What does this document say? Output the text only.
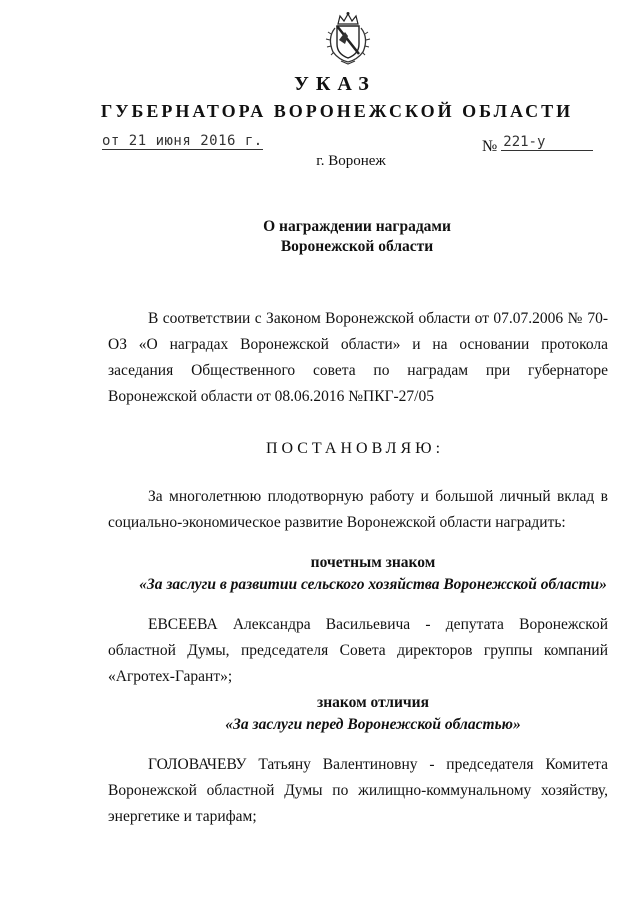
УКАЗ
ГУБЕРНАТОРА ВОРОНЕЖСКОЙ ОБЛАСТИ
от 21 июня 2016 г.	№ 221-у
г. Воронеж
О награждении наградами
Воронежской области
В соответствии с Законом Воронежской области от 07.07.2006 № 70-ОЗ «О наградах Воронежской области» и на основании протокола заседания Общественного совета по наградам при губернаторе Воронежской области от 08.06.2016 №ПКГ-27/05
ПОСТАНОВЛЯЮ:
За многолетнюю плодотворную работу и большой личный вклад в социально-экономическое развитие Воронежской области наградить:
почетным знаком
«За заслуги в развитии сельского хозяйства Воронежской области»
ЕВСЕЕВА Александра Васильевича - депутата Воронежской областной Думы, председателя Совета директоров группы компаний «Агротех-Гарант»;
знаком отличия
«За заслуги перед Воронежской областью»
ГОЛОВАЧЕВУ Татьяну Валентиновну - председателя Комитета Воронежской областной Думы по жилищно-коммунальному хозяйству, энергетике и тарифам;
